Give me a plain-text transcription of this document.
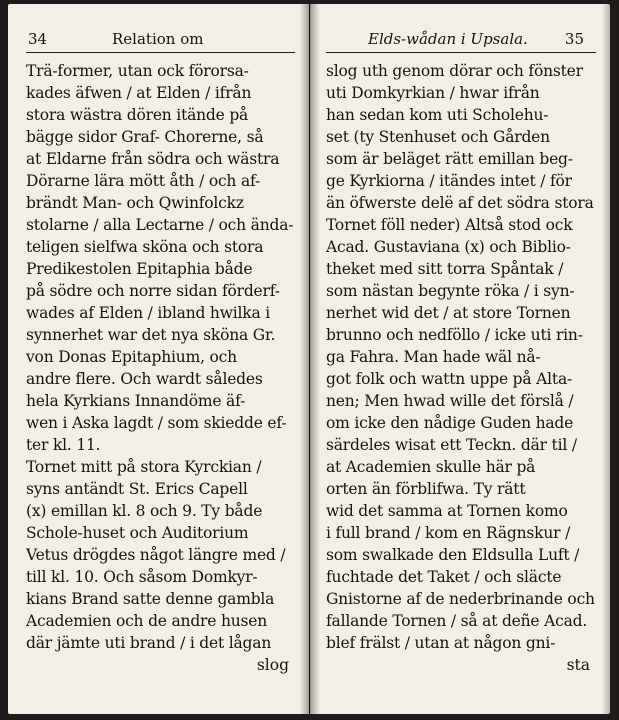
34	Relation om
Trä-former, utan ock förorsa-
kades äfwen / at Elden / ifrån
stora wästra dören itände på
bägge sidor Graf- Chorerne, så
at Eldarne från södra och wästra
Dörarne lära mött åth / och af-
brändt Man- och Qwinfolckz
stolarne / alla Lectarne / och ända-
teligen sielfwa sköna och stora
Predikestolen Epitaphia både
på södre och norre sidan förderf-
wades af Elden / ibland hwilka i
synnerhet war det nya sköna Gr.
von Donas Epitaphium, och
andre flere. Och wardt således
hela Kyrkians Innandöme äf-
wen i Aska lagdt / som skiedde ef-
ter kl. 11.
Tornet mitt på stora Kyrckian /
syns antändt St. Erics Capell
(x) emillan kl. 8 och 9. Ty både
Schole-huset och Auditorium
Vetus drögdes något längre med /
till kl. 10. Och såsom Domkyr-
kians Brand satte denne gambla
Academien och de andre husen
där jämte uti brand / i det lågan
slog
Elds-wådan i Upsala. 35
slog uth genom dörar och fönster
uti Domkyrkian / hwar ifrån
han sedan kom uti Scholehu-
set (ty Stenhuset och Gården
som är beläget rätt emillan beg-
ge Kyrkiorna / itändes intet / för
än öfwerste delë af det södra stora
Tornet föll neder) Altså stod ock
Acad. Gustaviana (x) och Biblio-
theket med sitt torra Spåntak /
som nästan begynte röka / i syn-
nerhet wid det / at store Tornen
brunno och nedföllo / icke uti rin-
ga Fahra. Man hade wäl nå-
got folk och wattn uppe på Alta-
nen; Men hwad wille det förslå /
om icke den nådige Guden hade
särdeles wisat ett Teckn. där til /
at Academien skulle här på
orten än förblifwa. Ty rätt
wid det samma at Tornen komo
i full brand / kom en Rägnskur /
som swalkade den Eldsulla Luft /
fuchtade det Taket / och släcte
Gnistorne af de nederbrinande och
fallande Tornen / så at deñe Acad.
blef frälst / utan at någon gni-
sta
